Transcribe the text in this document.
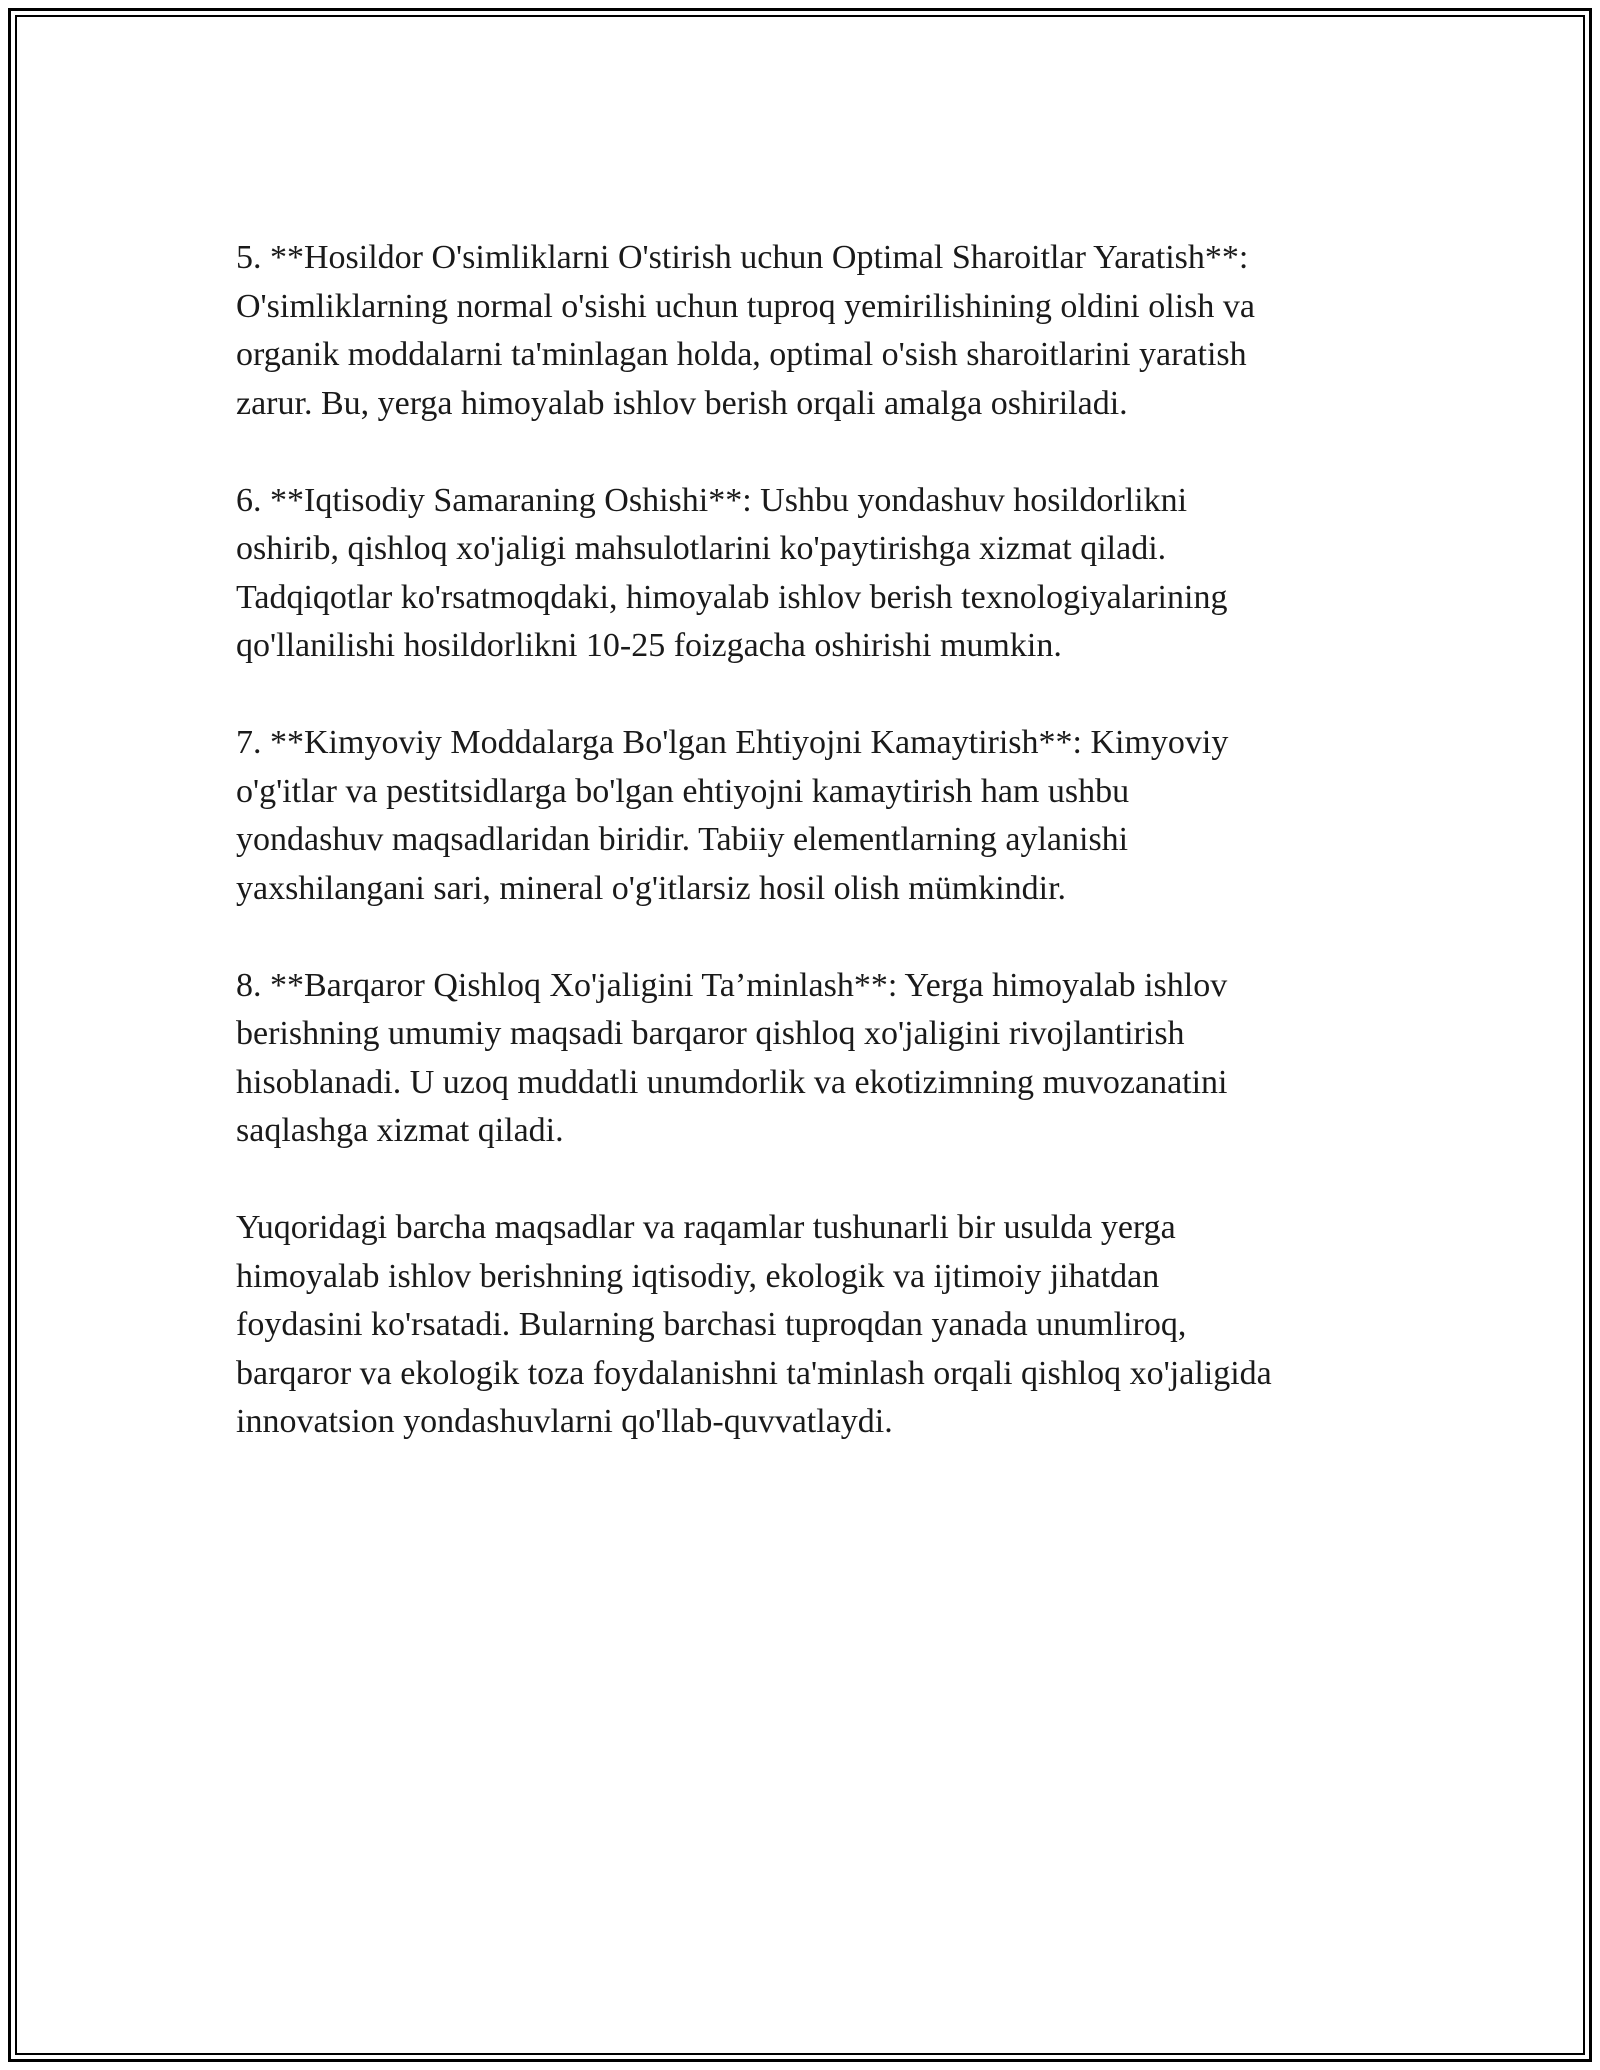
5. **Hosildor O'simliklarni O'stirish uchun Optimal Sharoitlar Yaratish**:
O'simliklarning normal o'sishi uchun tuproq yemirilishining oldini olish va
organik moddalarni ta'minlagan holda, optimal o'sish sharoitlarini yaratish
zarur. Bu, yerga himoyalab ishlov berish orqali amalga oshiriladi.

6. **Iqtisodiy Samaraning Oshishi**: Ushbu yondashuv hosildorlikni
oshirib, qishloq xo'jaligi mahsulotlarini ko'paytirishga xizmat qiladi.
Tadqiqotlar ko'rsatmoqdaki, himoyalab ishlov berish texnologiyalarining
qo'llanilishi hosildorlikni 10-25 foizgacha oshirishi mumkin.

7. **Kimyoviy Moddalarga Bo'lgan Ehtiyojni Kamaytirish**: Kimyoviy
o'g'itlar va pestitsidlarga bo'lgan ehtiyojni kamaytirish ham ushbu
yondashuv maqsadlaridan biridir. Tabiiy elementlarning aylanishi
yaxshilangani sari, mineral o'g'itlarsiz hosil olish mümkindir.

8. **Barqaror Qishloq Xo'jaligini Ta’minlash**: Yerga himoyalab ishlov
berishning umumiy maqsadi barqaror qishloq xo'jaligini rivojlantirish
hisoblanadi. U uzoq muddatli unumdorlik va ekotizimning muvozanatini
saqlashga xizmat qiladi.

Yuqoridagi barcha maqsadlar va raqamlar tushunarli bir usulda yerga
himoyalab ishlov berishning iqtisodiy, ekologik va ijtimoiy jihatdan
foydasini ko'rsatadi. Bularning barchasi tuproqdan yanada unumliroq,
barqaror va ekologik toza foydalanishni ta'minlash orqali qishloq xo'jaligida
innovatsion yondashuvlarni qo'llab-quvvatlaydi.
